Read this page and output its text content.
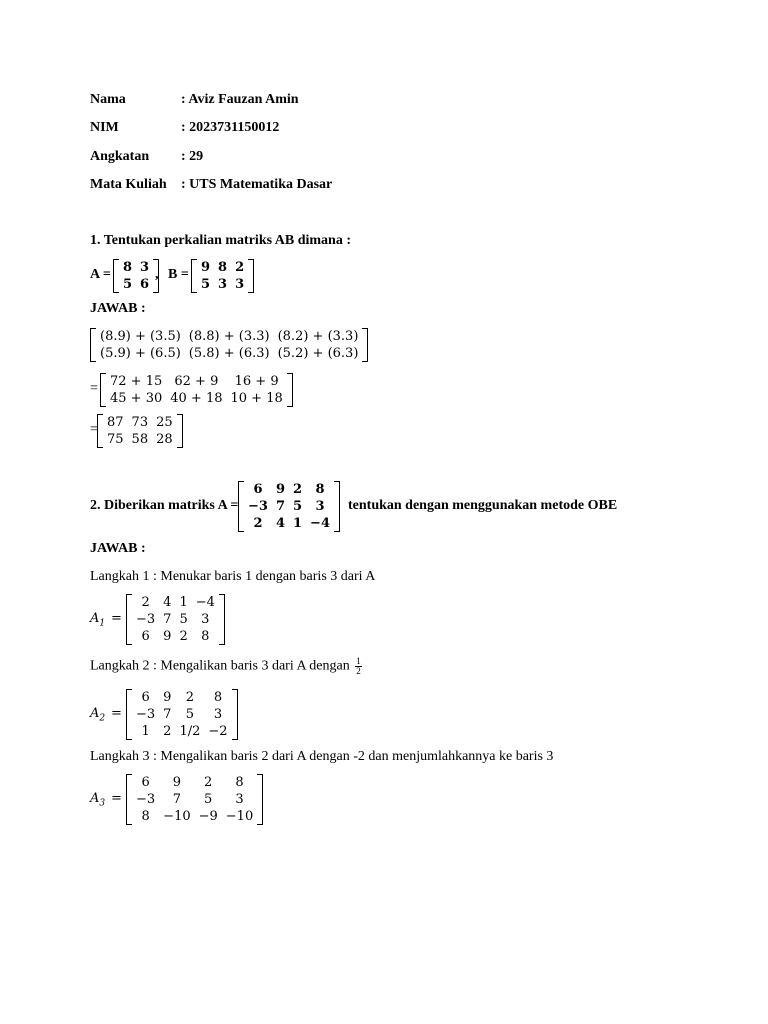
Nama	: Aviz Fauzan Amin
NIM	: 2023731150012
Angkatan : 29
Mata Kuliah : UTS Matematika Dasar
1. Tentukan perkalian matriks AB dimana :
A = 8	3
5	6
, B = 9	8	2
5	3	3
JAWAB :
(8.9) + (3.5)	(8.8) + (3.3)	(8.2) + (3.3)
(5.9) + (6.5)	(5.8) + (6.3)	(5.2) + (6.3)
= 72 + 15	62 + 9	16 + 9
45 + 30	40 + 18	10 + 18
= 87	73	25
75	58	28
2. Diberikan matriks A =
6	9	2	8
−3	7	5	3
2	4	1	−4
tentukan dengan menggunakan metode OBE
JAWAB :
Langkah 1 : Menukar baris 1 dengan baris 3 dari A
$A_1$ =
2	4	1	−4
−3	7	5	3
6	9	2	8
Langkah 2 : Mengalikan baris 3 dari A dengan $\frac{1}{2}$
$A_2$ =
6	9	2	8
−3	7	5	3
1	2	1/2	−2
Langkah 3 : Mengalikan baris 2 dari A dengan -2 dan menjumlahkannya ke baris 3
$A_3$ =
6	9	2	8
−3	7	5	3
8	−10	−9	−10
